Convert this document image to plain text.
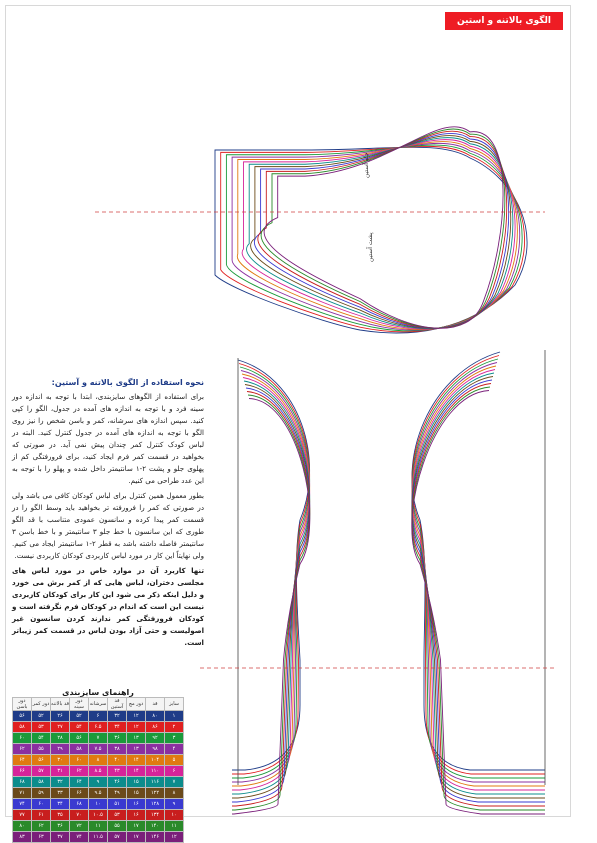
الگوی بالاتنه و استین کودک
جلو آستین
پشت آستین
نحوه استفاده از الگوی بالاتنه و آستین:

برای استفاده از الگوهای سایزبندی، ابتدا با توجه به اندازه دور سینه فرد و با توجه به اندازه های آمده در جدول، الگو را کپی کنید. سپس اندازه های سرشانه، کمر و باسن شخص را نیز روی الگو با توجه به اندازه های آمده در جدول کنترل کنید. البته در لباس کودک کنترل کمر چندان پیش نمی آید. در صورتی که بخواهید در قسمت کمر فرم ایجاد کنید، برای فرورفتگی کم از پهلوی جلو و پشت ۲-۱ سانتیمتر داخل شده و پهلو را با توجه به این عدد طراحی می کنیم.

بطور معمول همین کنترل برای لباس کودکان کافی می باشد ولی در صورتی که کمر را فرورفته تر بخواهید باید وسط الگو را در قسمت کمر پیدا کرده و سانسون عمودی متناسب با قد الگو طوری که این سانسون با خط جلو ۳ سانتیمتر و با خط باسن ۳ سانتیمتر فاصله داشته باشد به قطر ۲-۱ سانتیمتر ایجاد می کنیم. ولی نهایتاً این کار در مورد لباس کاربردی کودکان کاربردی نیست.

تنها کاربرد آن در موارد خاص در مورد لباس های مجلسی دختران، لباس هایی که از کمر برش می خورد و دلیل اینکه ذکر می شود این کار برای کودکان کاربردی نیست این است که اندام در کودکان فرم نگرفته است و کودکان فرورفتگی کمر ندارند کردن سانسون غیر اصولیست و حتی آزاد بودن لباس در قسمت کمر زیباتر است.

راهنمای سایزبندی
دور باسن	دور کمر	قد بالاتنه	دور سینه	سرشانه	قد آستین	دور مچ	قد	سایز
۵۶	۵۲	۲۶	۵۲	۶	۳۲	۱۲	۸۰	۱
۵۸	۵۳	۲۷	۵۴	۶.۵	۳۴	۱۲	۸۶	۲
۶۰	۵۴	۲۸	۵۶	۷	۳۶	۱۳	۹۲	۳
۶۲	۵۵	۲۹	۵۸	۷.۵	۳۸	۱۳	۹۸	۴
۶۴	۵۶	۳۰	۶۰	۸	۴۰	۱۴	۱۰۴	۵
۶۶	۵۷	۳۱	۶۲	۸.۵	۴۳	۱۴	۱۱۰	۶
۶۸	۵۸	۳۲	۶۴	۹	۴۶	۱۵	۱۱۶	۷
۷۱	۵۹	۳۳	۶۶	۹.۵	۴۹	۱۵	۱۲۲	۸
۷۴	۶۰	۳۴	۶۸	۱۰	۵۱	۱۶	۱۲۸	۹
۷۷	۶۱	۳۵	۷۰	۱۰.۵	۵۳	۱۶	۱۳۴	۱۰
۸۰	۶۲	۳۶	۷۲	۱۱	۵۵	۱۷	۱۴۰	۱۱
۸۳	۶۳	۳۷	۷۴	۱۱.۵	۵۷	۱۷	۱۴۶	۱۲
